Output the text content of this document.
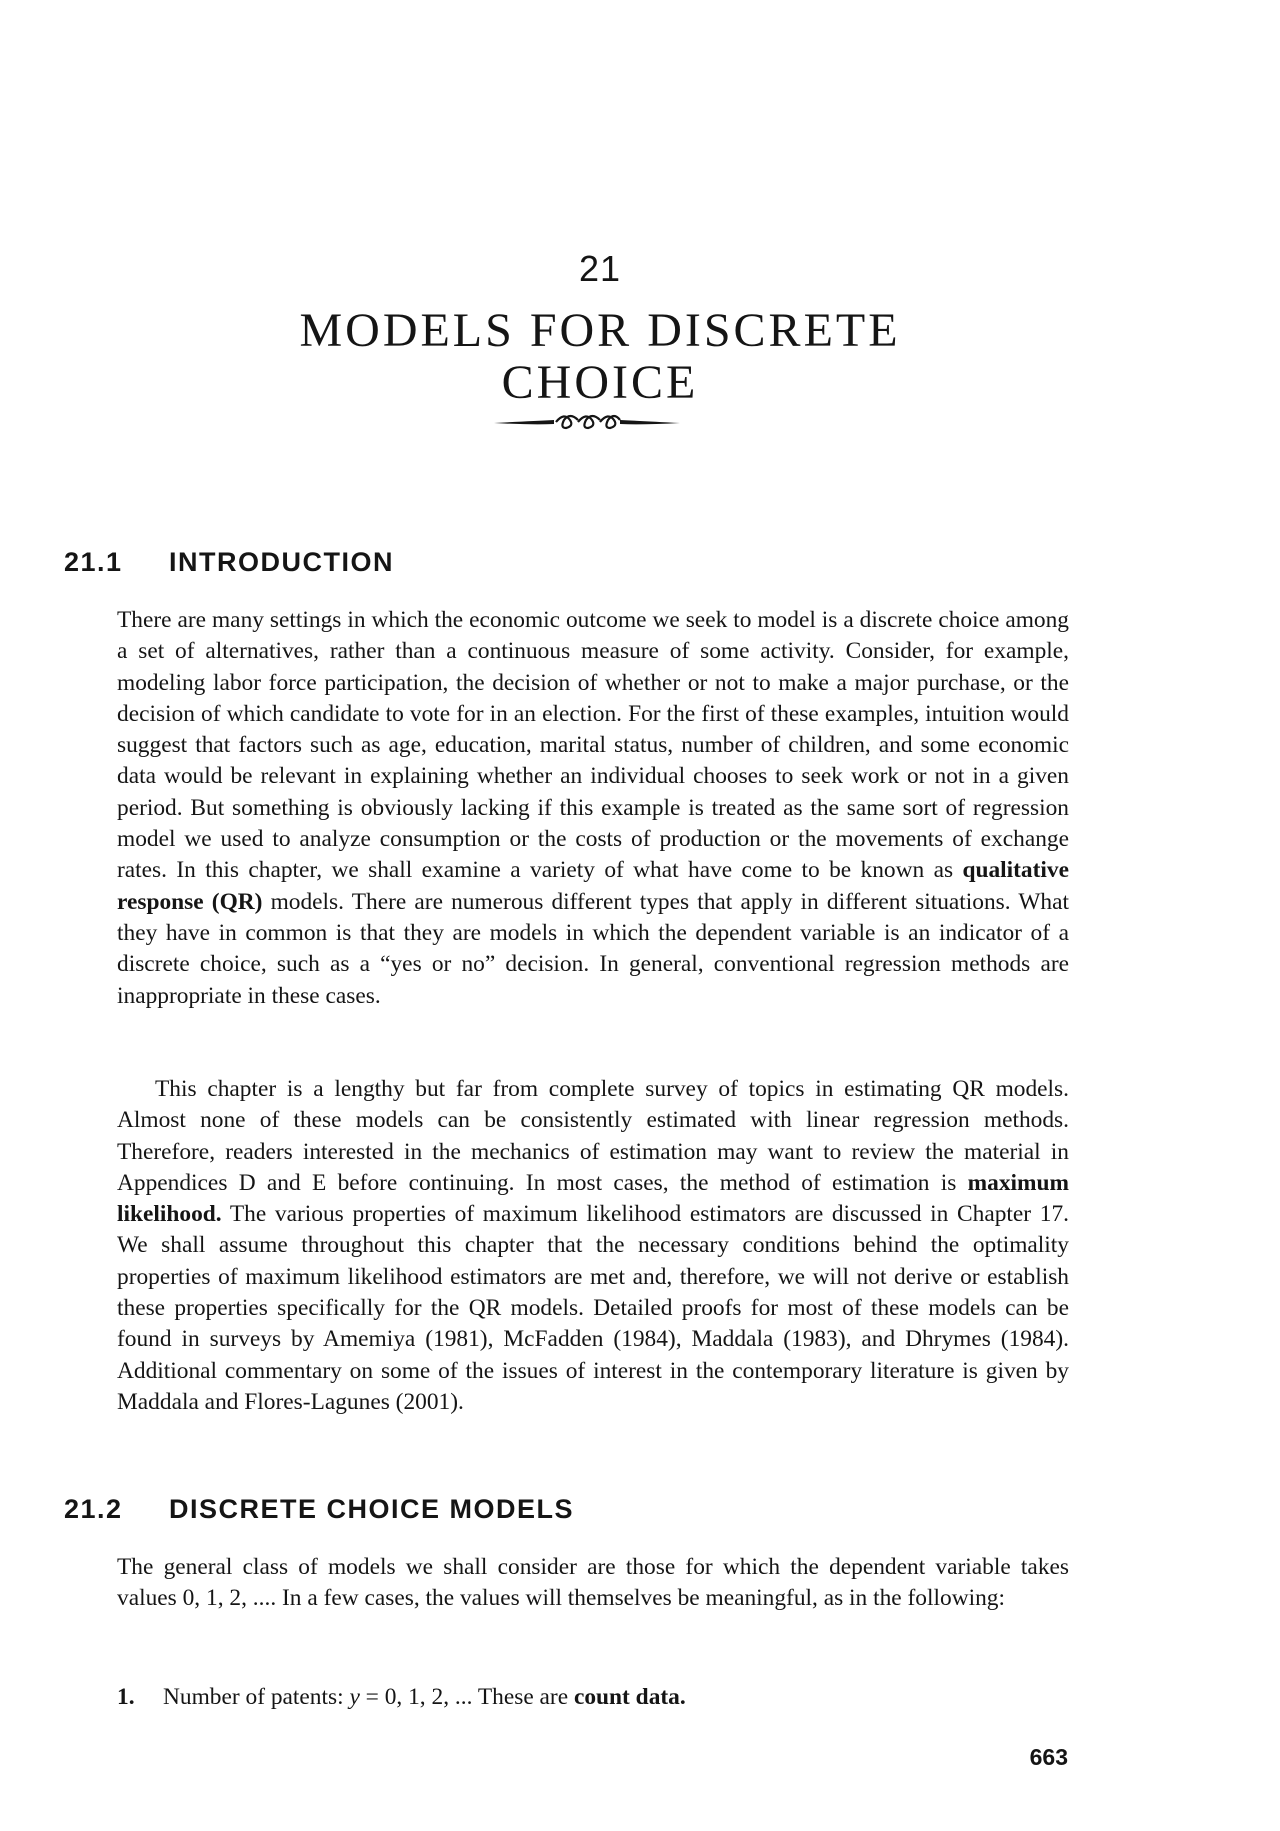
21
MODELS FOR DISCRETE
CHOICE
21.1 INTRODUCTION

There are many settings in which the economic outcome we seek to model is a discrete choice among a set of alternatives, rather than a continuous measure of some activity. Consider, for example, modeling labor force participation, the decision of whether or not to make a major purchase, or the decision of which candidate to vote for in an election. For the first of these examples, intuition would suggest that factors such as age, education, marital status, number of children, and some economic data would be relevant in explaining whether an individual chooses to seek work or not in a given period. But something is obviously lacking if this example is treated as the same sort of regression model we used to analyze consumption or the costs of production or the movements of exchange rates. In this chapter, we shall examine a variety of what have come to be known as qualitative response (QR) models. There are numerous different types that apply in different situations. What they have in common is that they are models in which the dependent variable is an indicator of a discrete choice, such as a “yes or no” decision. In general, conventional regression methods are inappropriate in these cases.

This chapter is a lengthy but far from complete survey of topics in estimating QR models. Almost none of these models can be consistently estimated with linear regression methods. Therefore, readers interested in the mechanics of estimation may want to review the material in Appendices D and E before continuing. In most cases, the method of estimation is maximum likelihood. The various properties of maximum likelihood estimators are discussed in Chapter 17. We shall assume throughout this chapter that the necessary conditions behind the optimality properties of maximum likelihood estimators are met and, therefore, we will not derive or establish these properties specifically for the QR models. Detailed proofs for most of these models can be found in surveys by Amemiya (1981), McFadden (1984), Maddala (1983), and Dhrymes (1984). Additional commentary on some of the issues of interest in the contemporary literature is given by Maddala and Flores-Lagunes (2001).

21.2 DISCRETE CHOICE MODELS

The general class of models we shall consider are those for which the dependent variable takes values 0, 1, 2, .... In a few cases, the values will themselves be meaningful, as in the following:

1. Number of patents: y = 0, 1, 2, ... These are count data.
663
